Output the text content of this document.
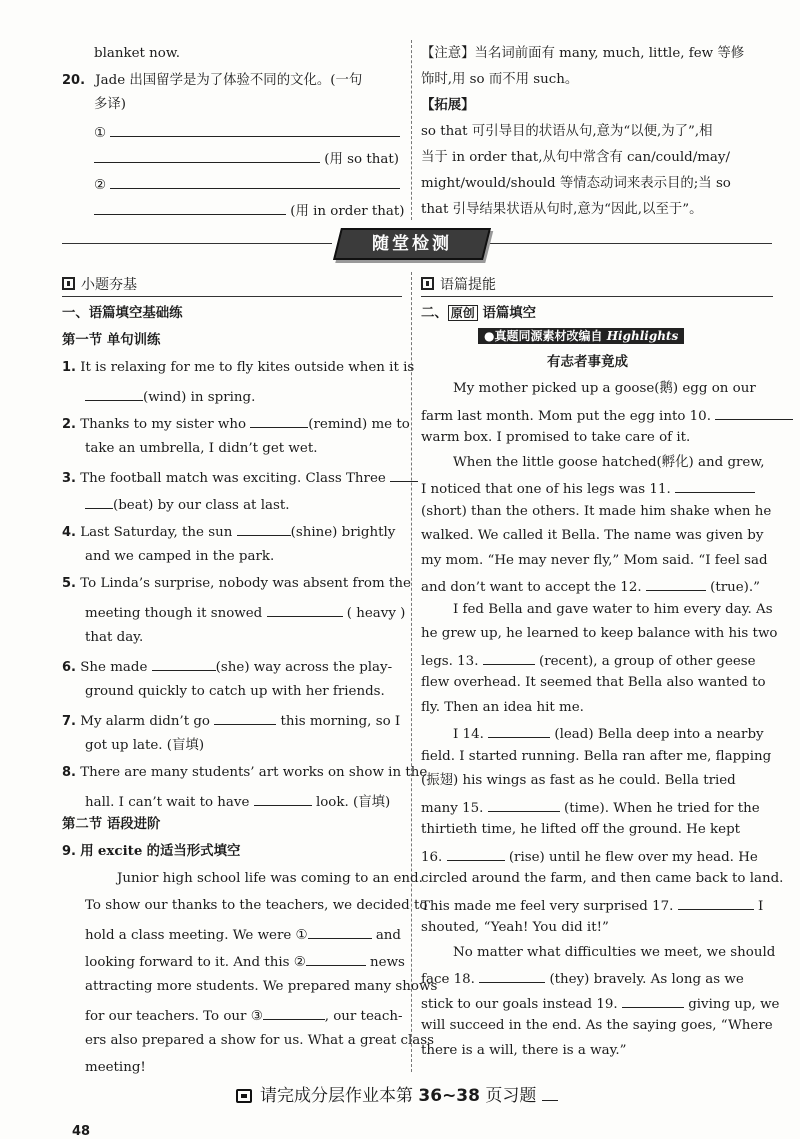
blanket now.
20. Jade 出国留学是为了体验不同的文化。(一句
多译)
①
(用 so that)
②
(用 in order that)
【注意】当名词前面有 many, much, little, few 等修
饰时,用 so 而不用 such。
【拓展】
so that 可引导目的状语从句,意为“以便,为了”,相
当于 in order that,从句中常含有 can/could/may/
might/would/should 等情态动词来表示目的;当 so
that 引导结果状语从句时,意为“因此,以至于”。
随堂检测
小题夯基
一、语篇填空基础练
第一节 单句训练
1. It is relaxing for me to fly kites outside when it is
(wind) in spring.
2. Thanks to my sister who	(remind) me to
take an umbrella, I didn’t get wet.
3. The football match was exciting. Class Three
(beat) by our class at last.
4. Last Saturday, the sun	(shine) brightly
and we camped in the park.
5. To Linda’s surprise, nobody was absent from the
meeting though it snowed	( heavy )
that day.
6. She made	(she) way across the play-
ground quickly to catch up with her friends.
7. My alarm didn’t go	this morning, so I
got up late. (盲填)
8. There are many students’ art works on show in the
hall. I can’t wait to have	look. (盲填)
第二节 语段进阶
9. 用 excite 的适当形式填空
Junior high school life was coming to an end.
To show our thanks to the teachers, we decided to
hold a class meeting. We were ①	and
looking forward to it. And this ②	news
attracting more students. We prepared many shows
for our teachers. To our ③	, our teach-
ers also prepared a show for us. What a great class
meeting!
语篇提能
二、 原创 语篇填空
●真题同源素材改编自 Highlights
有志者事竟成
My mother picked up a goose(鹅) egg on our
farm last month. Mom put the egg into 10.
warm box. I promised to take care of it.
When the little goose hatched(孵化) and grew,
I noticed that one of his legs was 11.
(short) than the others. It made him shake when he
walked. We called it Bella. The name was given by
my mom. “He may never fly,” Mom said. “I feel sad
and don’t want to accept the 12.	(true).”
I fed Bella and gave water to him every day. As
he grew up, he learned to keep balance with his two
legs. 13.	(recent), a group of other geese
flew overhead. It seemed that Bella also wanted to
fly. Then an idea hit me.
I 14.	(lead) Bella deep into a nearby
field. I started running. Bella ran after me, flapping
(振翅) his wings as fast as he could. Bella tried
many 15.	(time). When he tried for the
thirtieth time, he lifted off the ground. He kept
16.	(rise) until he flew over my head. He
circled around the farm, and then came back to land.
This made me feel very surprised 17.	I
shouted, “Yeah! You did it!”
No matter what difficulties we meet, we should
face 18.	(they) bravely. As long as we
stick to our goals instead 19.	giving up, we
will succeed in the end. As the saying goes, “Where
there is a will, there is a way.”
请完成分层作业本第 36~38 页习题
48
